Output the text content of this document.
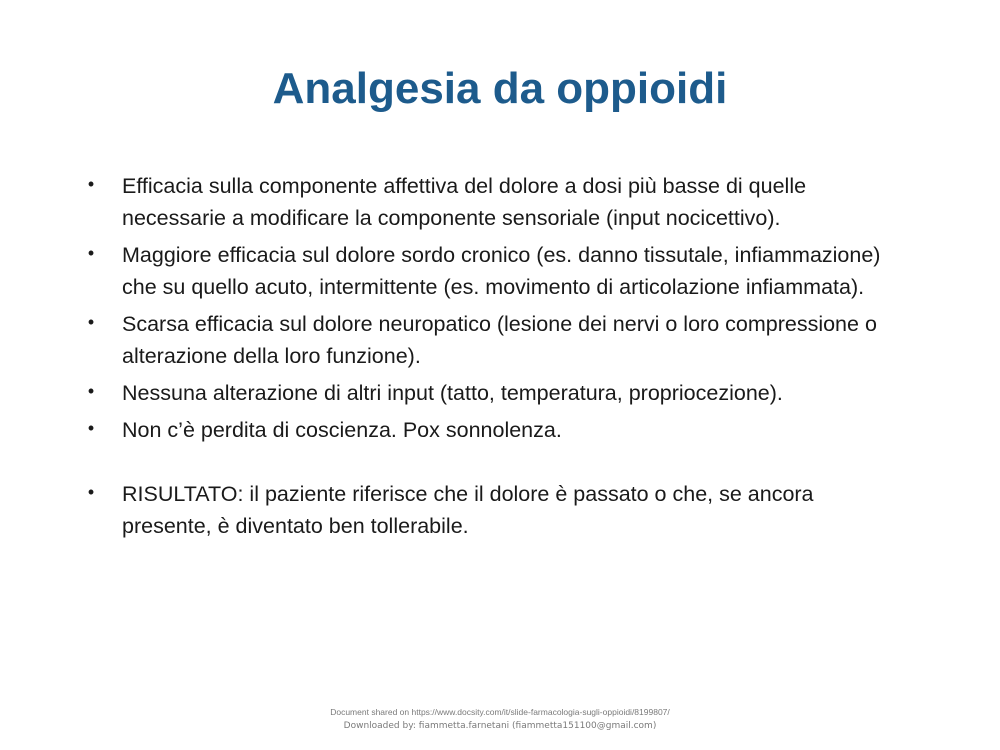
Analgesia da oppioidi
• Efficacia sulla componente affettiva del dolore a dosi più basse di quelle necessarie a modificare la componente sensoriale (input nocicettivo).
• Maggiore efficacia sul dolore sordo cronico (es. danno tissutale, infiammazione) che su quello acuto, intermittente (es. movimento di articolazione infiammata).
• Scarsa efficacia sul dolore neuropatico (lesione dei nervi o loro compressione o alterazione della loro funzione).
• Nessuna alterazione di altri input (tatto, temperatura, propriocezione).
• Non c’è perdita di coscienza. Pox sonnolenza.
• RISULTATO: il paziente riferisce che il dolore è passato o che, se ancora presente, è diventato ben tollerabile.
Document shared on https://www.docsity.com/it/slide-farmacologia-sugli-oppioidi/8199807/
Downloaded by: fiammetta.farnetani (fiammetta151100@gmail.com)
